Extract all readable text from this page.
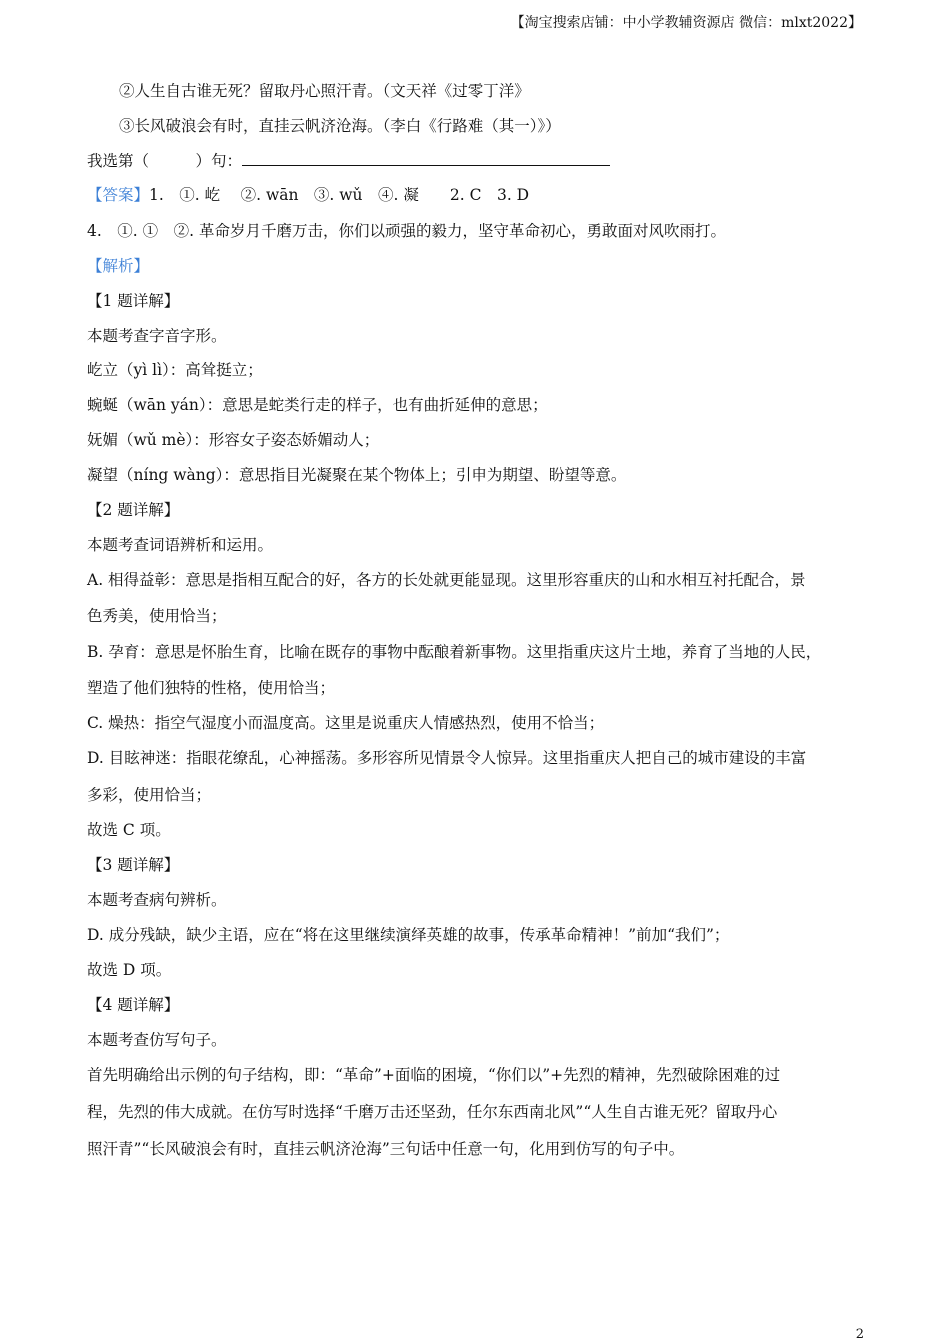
【淘宝搜索店铺：中小学教辅资源店 微信：mlxt2022】
②人生自古谁无死？留取丹心照汗青。（文天祥《过零丁洋》
③长风破浪会有时，直挂云帆济沧海。（李白《行路难（其一）》）
我选第（　　　）句：
【答案】1.　①. 屹　 ②. wān　③. wǔ　④. 凝　　2. C　3. D
4.　①. ①　②. 革命岁月千磨万击，你们以顽强的毅力，坚守革命初心，勇敢面对风吹雨打。
【解析】
【1 题详解】
本题考查字音字形。
屹立（yì lì）：高耸挺立；
蜿蜒（wān yán）：意思是蛇类行走的样子，也有曲折延伸的意思；
妩媚（wǔ mè）：形容女子姿态娇媚动人；
凝望（níng wàng）：意思指目光凝聚在某个物体上；引申为期望、盼望等意。
【2 题详解】
本题考查词语辨析和运用。
A. 相得益彰：意思是指相互配合的好，各方的长处就更能显现。这里形容重庆的山和水相互衬托配合，景
色秀美，使用恰当；
B. 孕育：意思是怀胎生育，比喻在既存的事物中酝酿着新事物。这里指重庆这片土地，养育了当地的人民，
塑造了他们独特的性格，使用恰当；
C. 燥热：指空气湿度小而温度高。这里是说重庆人情感热烈，使用不恰当；
D. 目眩神迷：指眼花缭乱，心神摇荡。多形容所见情景令人惊异。这里指重庆人把自己的城市建设的丰富
多彩，使用恰当；
故选 C 项。
【3 题详解】
本题考查病句辨析。
D. 成分残缺，缺少主语，应在“将在这里继续演绎英雄的故事，传承革命精神！”前加“我们”；
故选 D 项。
【4 题详解】
本题考查仿写句子。
首先明确给出示例的句子结构，即：“革命”+面临的困境，“你们以”+先烈的精神，先烈破除困难的过
程，先烈的伟大成就。在仿写时选择“千磨万击还坚劲，任尔东西南北风”“人生自古谁无死？留取丹心
照汗青”“长风破浪会有时，直挂云帆济沧海”三句话中任意一句，化用到仿写的句子中。
2
